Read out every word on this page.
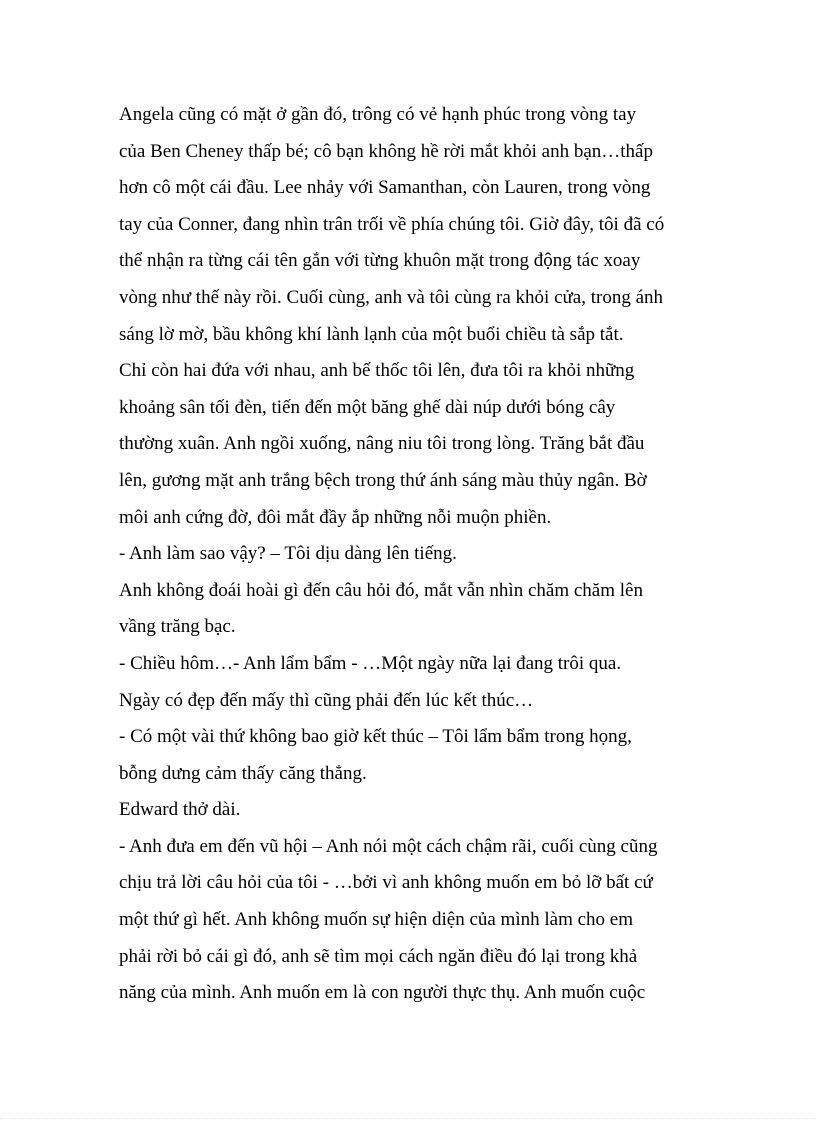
Angela cũng có mặt ở gần đó, trông có vẻ hạnh phúc trong vòng tay
của Ben Cheney thấp bé; cô bạn không hề rời mắt khỏi anh bạn…thấp
hơn cô một cái đầu. Lee nhảy với Samanthan, còn Lauren, trong vòng
tay của Conner, đang nhìn trân trối về phía chúng tôi. Giờ đây, tôi đã có
thể nhận ra từng cái tên gắn với từng khuôn mặt trong động tác xoay
vòng như thế này rồi. Cuối cùng, anh và tôi cùng ra khỏi cửa, trong ánh
sáng lờ mờ, bầu không khí lành lạnh của một buổi chiều tà sắp tắt.
Chỉ còn hai đứa với nhau, anh bế thốc tôi lên, đưa tôi ra khỏi những
khoảng sân tối đèn, tiến đến một băng ghế dài núp dưới bóng cây
thường xuân. Anh ngồi xuống, nâng niu tôi trong lòng. Trăng bắt đầu
lên, gương mặt anh trắng bệch trong thứ ánh sáng màu thủy ngân. Bờ
môi anh cứng đờ, đôi mắt đầy ắp những nỗi muộn phiền.
- Anh làm sao vậy? – Tôi dịu dàng lên tiếng.
Anh không đoái hoài gì đến câu hỏi đó, mắt vẫn nhìn chăm chăm lên
vầng trăng bạc.
- Chiều hôm…- Anh lẩm bẩm - …Một ngày nữa lại đang trôi qua.
Ngày có đẹp đến mấy thì cũng phải đến lúc kết thúc…
- Có một vài thứ không bao giờ kết thúc – Tôi lẩm bẩm trong họng,
bỗng dưng cảm thấy căng thẳng.
Edward thở dài.
- Anh đưa em đến vũ hội – Anh nói một cách chậm rãi, cuối cùng cũng
chịu trả lời câu hỏi của tôi - …bởi vì anh không muốn em bỏ lỡ bất cứ
một thứ gì hết. Anh không muốn sự hiện diện của mình làm cho em
phải rời bỏ cái gì đó, anh sẽ tìm mọi cách ngăn điều đó lại trong khả
năng của mình. Anh muốn em là con người thực thụ. Anh muốn cuộc
